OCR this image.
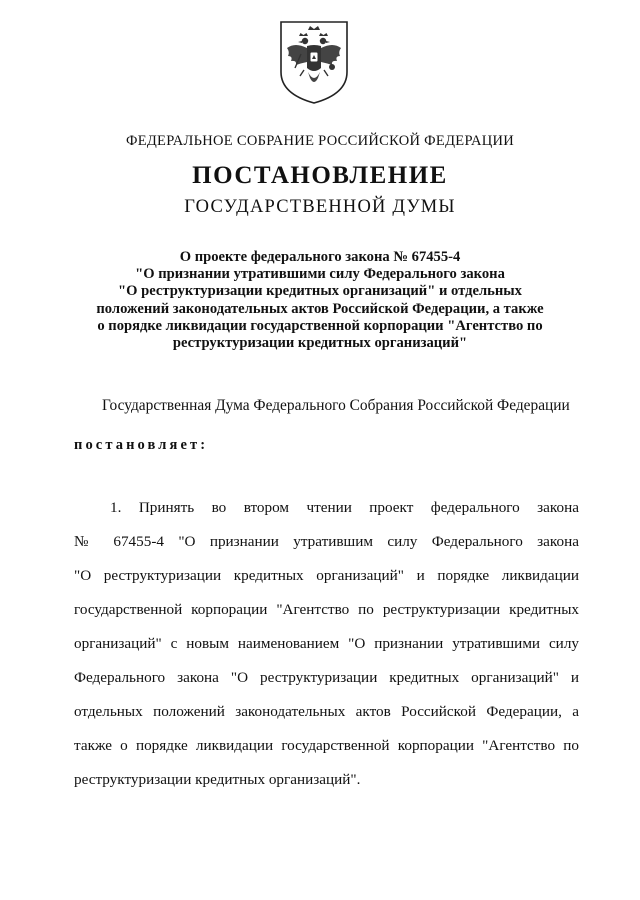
ФЕДЕРАЛЬНОЕ СОБРАНИЕ РОССИЙСКОЙ ФЕДЕРАЦИИ
ПОСТАНОВЛЕНИЕ
ГОСУДАРСТВЕННОЙ ДУМЫ
О проекте федерального закона № 67455-4
"О признании утратившими силу Федерального закона
"О реструктуризации кредитных организаций" и отдельных
положений законодательных актов Российской Федерации, а также
о порядке ликвидации государственной корпорации "Агентство по
реструктуризации кредитных организаций"
Государственная Дума Федерального Собрания Российской Федерации
постановляет:
1. Принять во втором чтении проект федерального закона
№ 67455-4 "О признании утратившим силу Федерального закона
"О реструктуризации кредитных организаций" и порядке ликвидации
государственной корпорации "Агентство по реструктуризации кредитных
организаций" с новым наименованием "О признании утратившими силу
Федерального закона "О реструктуризации кредитных организаций" и
отдельных положений законодательных актов Российской Федерации, а
также о порядке ликвидации государственной корпорации "Агентство по
реструктуризации кредитных организаций".
